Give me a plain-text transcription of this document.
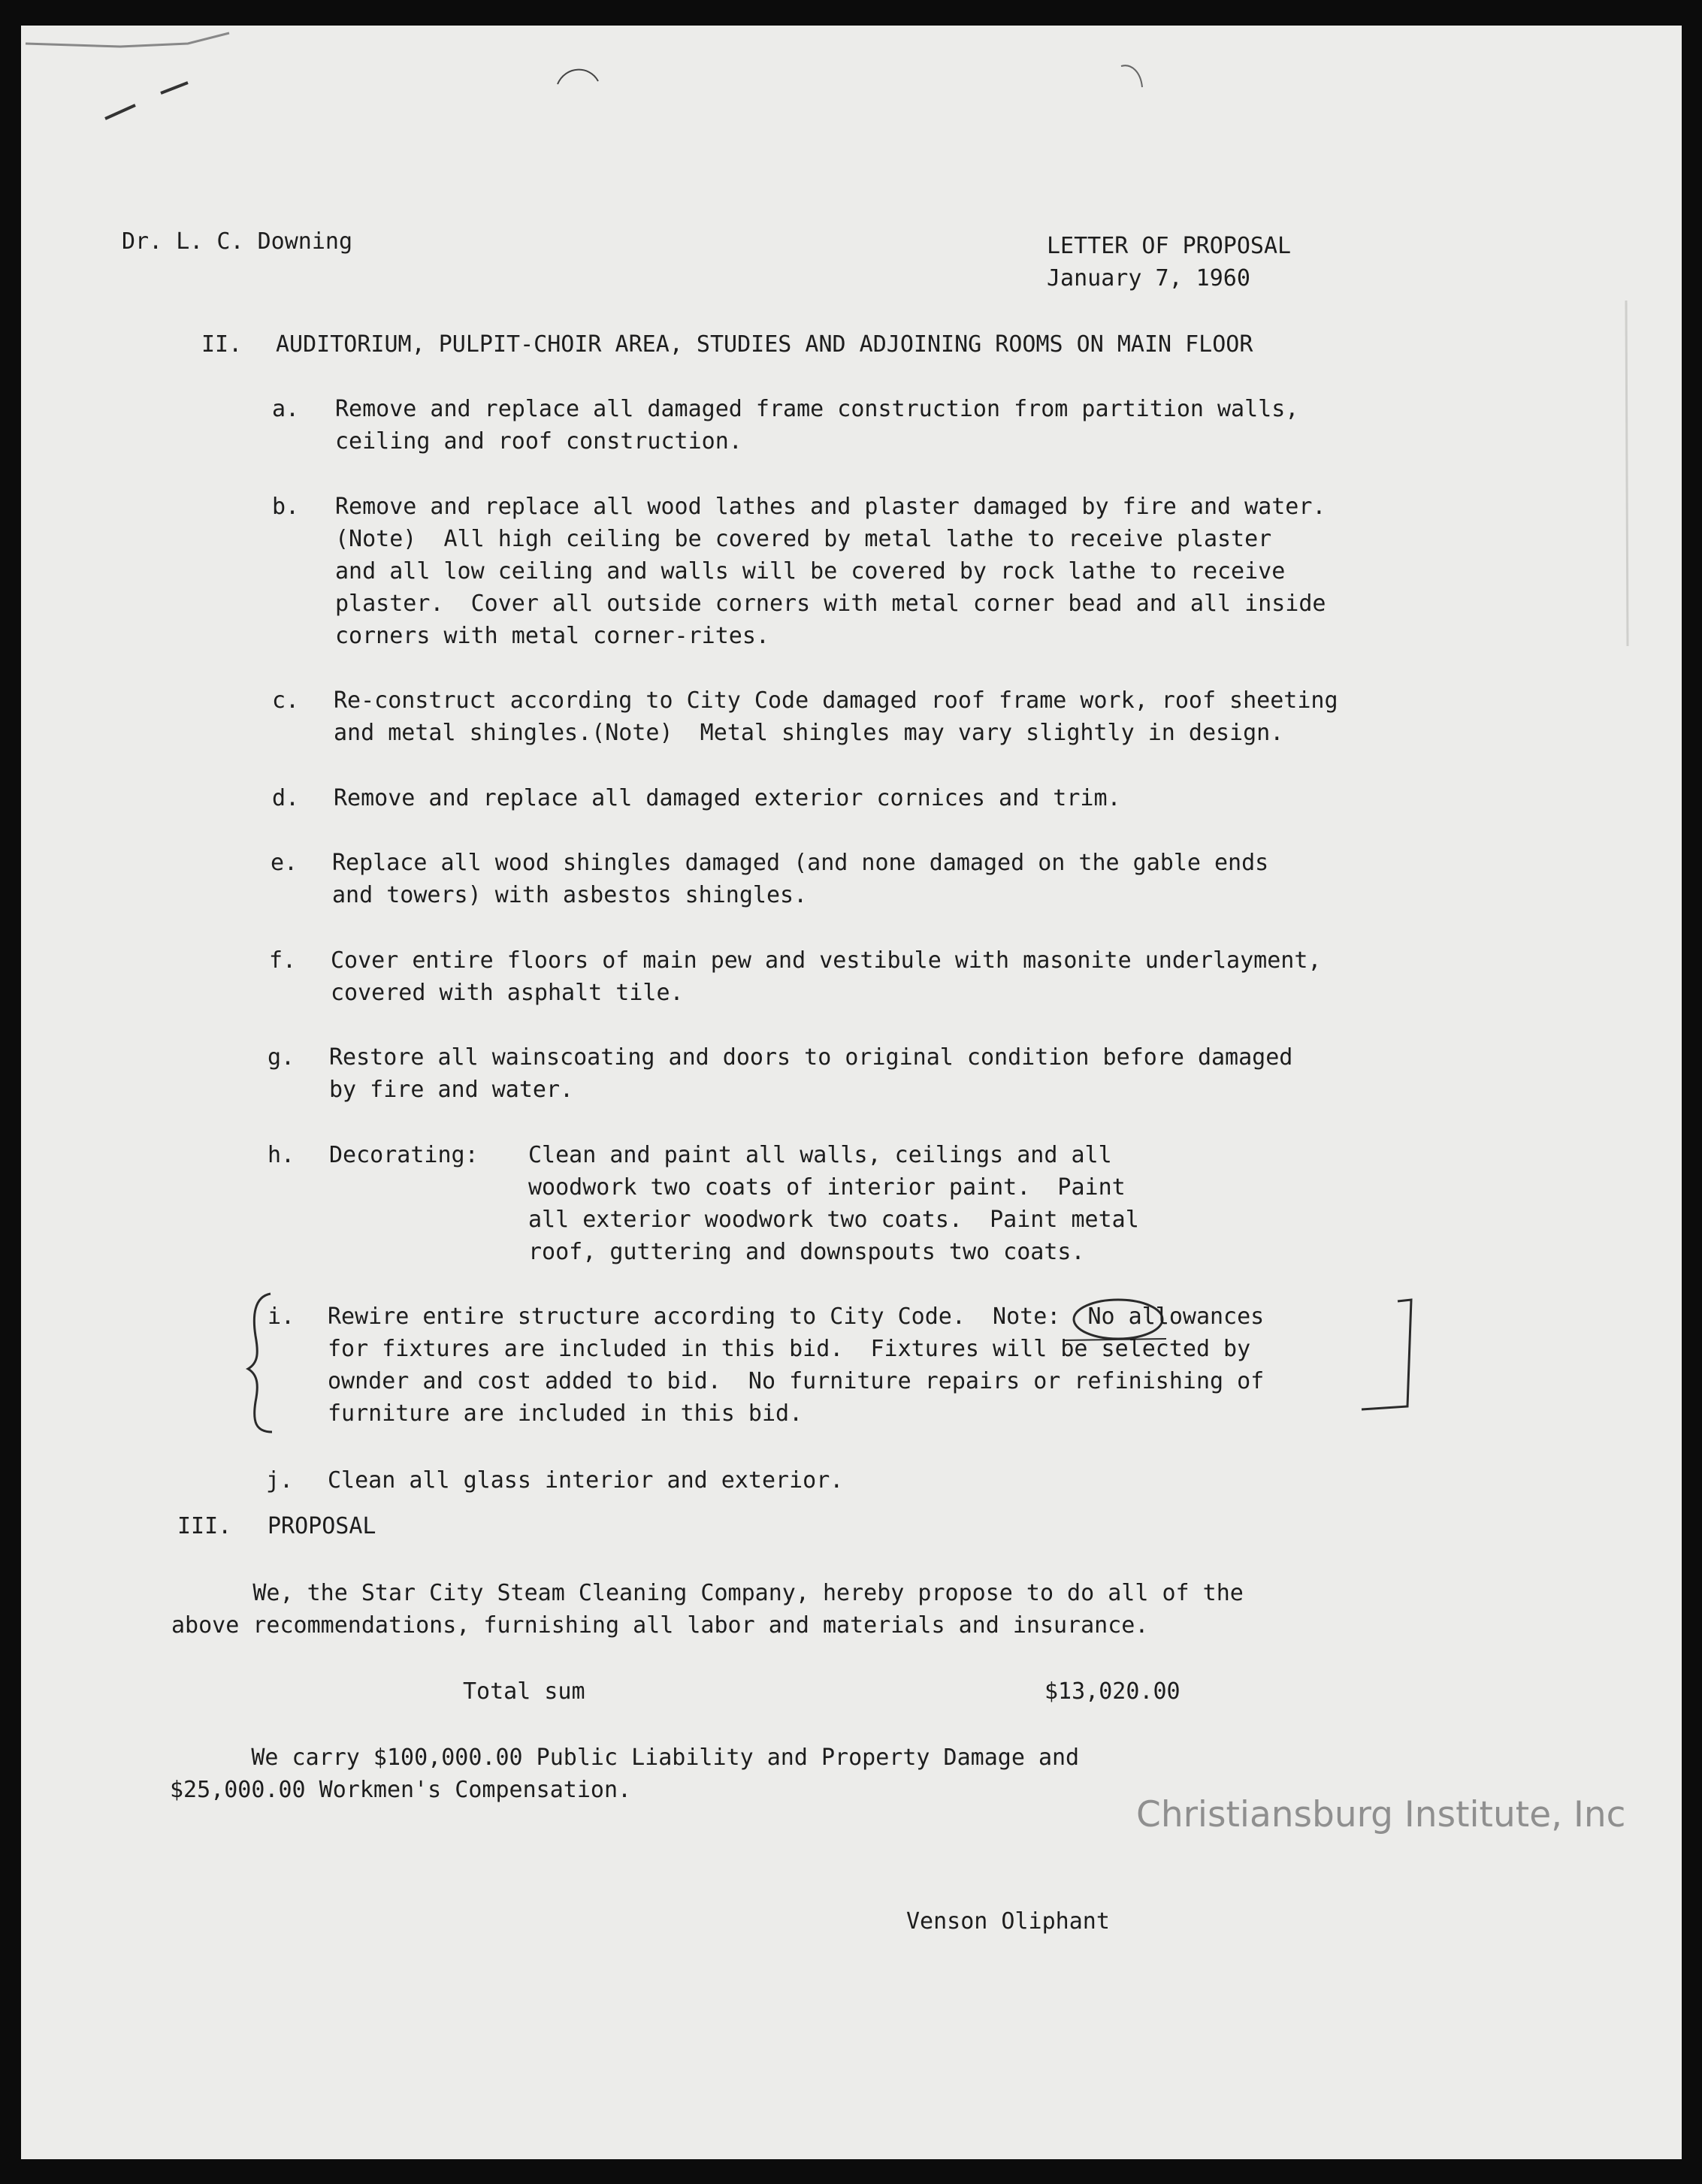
Dr. L. C. Downing	LETTER OF PROPOSAL

January 7, 1960

II. AUDITORIUM, PULPIT-CHOIR AREA, STUDIES AND ADJOINING ROOMS ON MAIN FLOOR

a. Remove and replace all damaged frame construction from partition walls,
ceiling and roof construction.

b. Remove and replace all wood lathes and plaster damaged by fire and water.
(Note)  All high ceiling be covered by metal lathe to receive plaster
and all low ceiling and walls will be covered by rock lathe to receive
plaster.  Cover all outside corners with metal corner bead and all inside
corners with metal corner-rites.

c. Re-construct according to City Code damaged roof frame work, roof sheeting
and metal shingles.(Note)  Metal shingles may vary slightly in design.

d. Remove and replace all damaged exterior cornices and trim.

e. Replace all wood shingles damaged (and none damaged on the gable ends
and towers) with asbestos shingles.

f. Cover entire floors of main pew and vestibule with masonite underlayment,
covered with asphalt tile.

g. Restore all wainscoating and doors to original condition before damaged
by fire and water.

h. Decorating: Clean and paint all walls, ceilings and all
woodwork two coats of interior paint.  Paint
all exterior woodwork two coats.  Paint metal
roof, guttering and downspouts two coats.

i. Rewire entire structure according to City Code.  Note:  No allowances
for fixtures are included in this bid.  Fixtures will be selected by
ownder and cost added to bid.  No furniture repairs or refinishing of
furniture are included in this bid.

j. Clean all glass interior and exterior.

III. PROPOSAL

We, the Star City Steam Cleaning Company, hereby propose to do all of the
above recommendations, furnishing all labor and materials and insurance.

Total sum	$13,020.00

We carry $100,000.00 Public Liability and Property Damage and
$25,000.00 Workmen's Compensation.

Venson Oliphant

Christiansburg Institute, Inc
